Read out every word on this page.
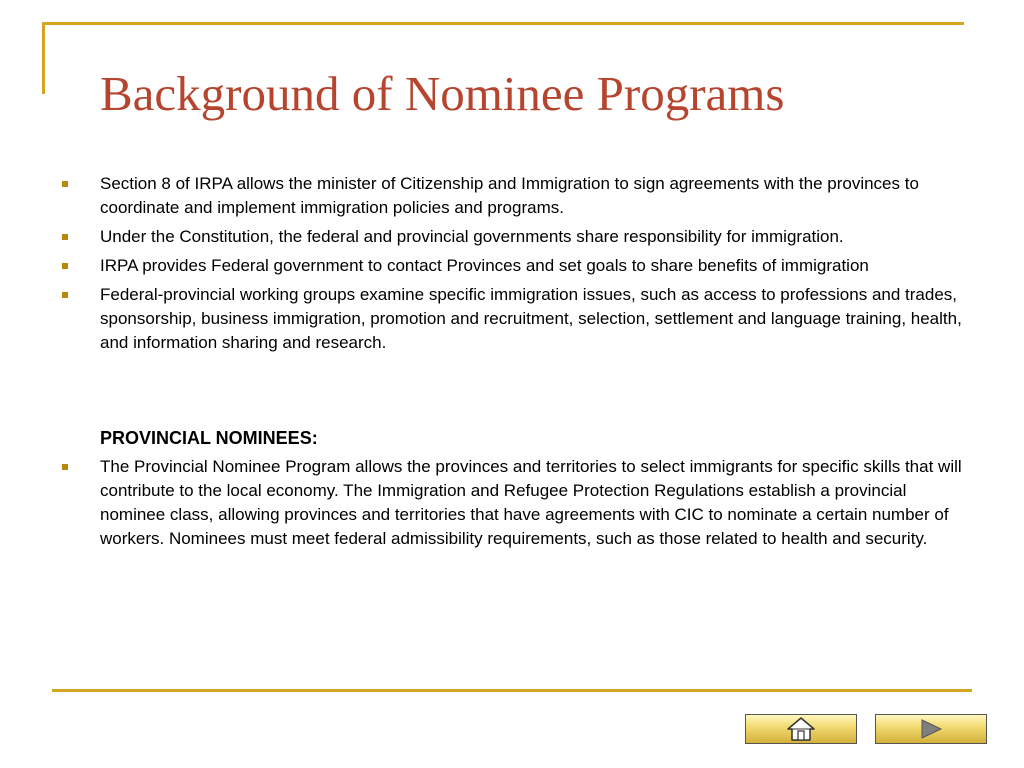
Background of Nominee Programs
Section 8 of IRPA allows the minister of Citizenship and Immigration to sign agreements with the provinces to coordinate and implement immigration policies and programs.
Under the Constitution, the federal and provincial governments share responsibility for immigration.
IRPA provides Federal government to contact Provinces and set goals to share benefits of immigration
Federal-provincial working groups examine specific immigration issues, such as access to professions and trades, sponsorship, business immigration, promotion and recruitment, selection, settlement and language training, health, and information sharing and research.
PROVINCIAL NOMINEES:
The Provincial Nominee Program allows the provinces and territories to select immigrants for specific skills that will contribute to the local economy. The Immigration and Refugee Protection Regulations establish a provincial nominee class, allowing provinces and territories that have agreements with CIC to nominate a certain number of workers. Nominees must meet federal admissibility requirements, such as those related to health and security.
